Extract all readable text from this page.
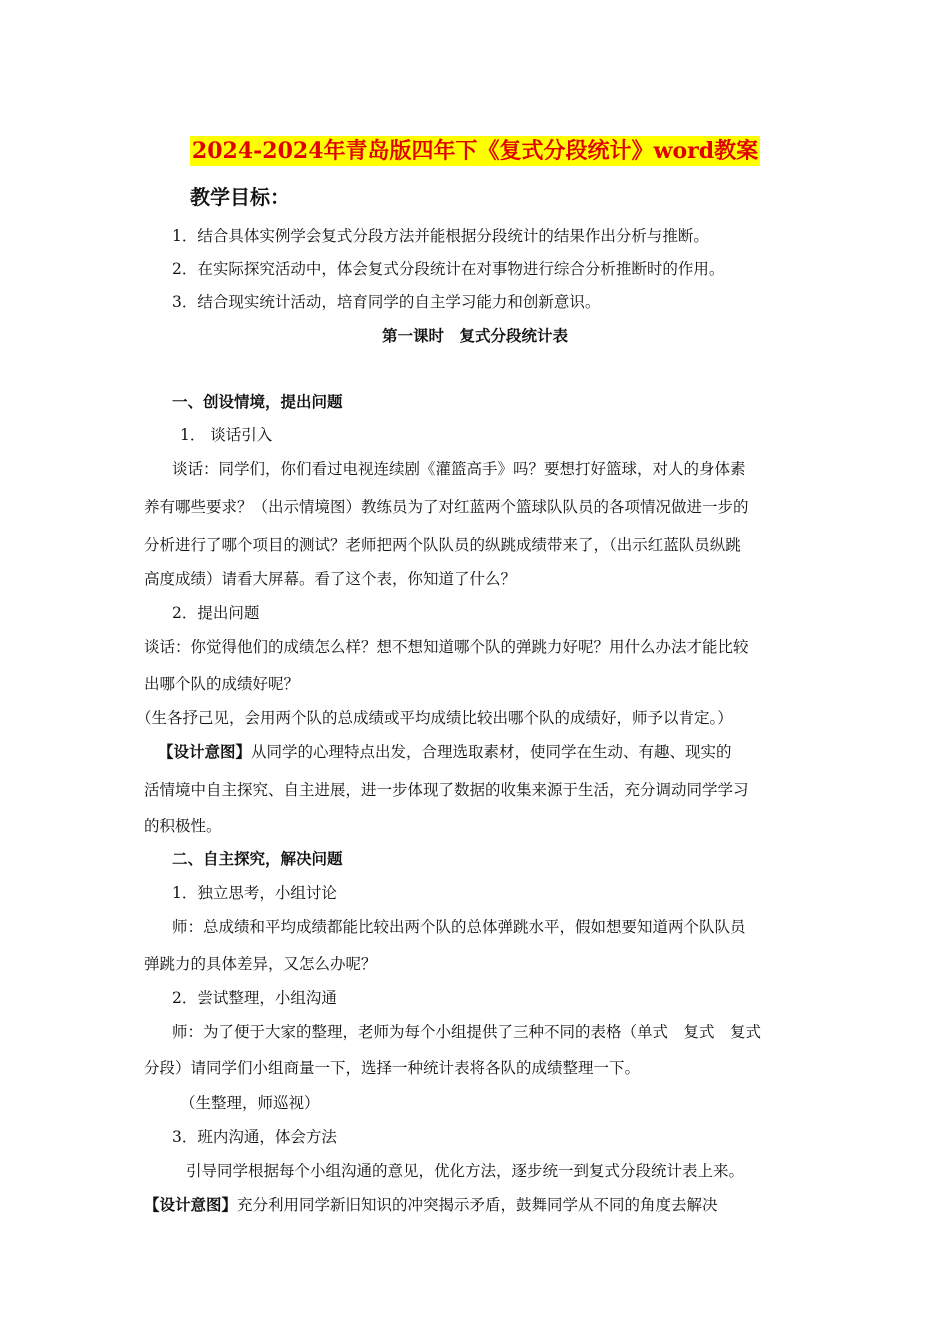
2024-2024年青岛版四年下《复式分段统计》word教案
教学目标：
1．结合具体实例学会复式分段方法并能根据分段统计的结果作出分析与推断。
2．在实际探究活动中，体会复式分段统计在对事物进行综合分析推断时的作用。
3．结合现实统计活动，培育同学的自主学习能力和创新意识。
第一课时　复式分段统计表
一、创设情境，提出问题
1． 谈话引入
谈话：同学们，你们看过电视连续剧《灌篮高手》吗？要想打好篮球，对人的身体素
养有哪些要求？（出示情境图）教练员为了对红蓝两个篮球队队员的各项情况做进一步的
分析进行了哪个项目的测试？老师把两个队队员的纵跳成绩带来了，（出示红蓝队员纵跳
高度成绩）请看大屏幕。看了这个表，你知道了什么？
2．提出问题
谈话：你觉得他们的成绩怎么样？想不想知道哪个队的弹跳力好呢？用什么办法才能比较
出哪个队的成绩好呢？
（生各抒己见，会用两个队的总成绩或平均成绩比较出哪个队的成绩好，师予以肯定。）
【设计意图】从同学的心理特点出发，合理选取素材，使同学在生动、有趣、现实的
活情境中自主探究、自主进展，进一步体现了数据的收集来源于生活，充分调动同学学习
的积极性。
二、自主探究，解决问题
1．独立思考，小组讨论
师：总成绩和平均成绩都能比较出两个队的总体弹跳水平，假如想要知道两个队队员
弹跳力的具体差异，又怎么办呢？
2．尝试整理，小组沟通
师：为了便于大家的整理，老师为每个小组提供了三种不同的表格（单式　复式　复式
分段）请同学们小组商量一下，选择一种统计表将各队的成绩整理一下。
（生整理，师巡视）
3．班内沟通，体会方法
引导同学根据每个小组沟通的意见，优化方法，逐步统一到复式分段统计表上来。
【设计意图】充分利用同学新旧知识的冲突揭示矛盾，鼓舞同学从不同的角度去解决
